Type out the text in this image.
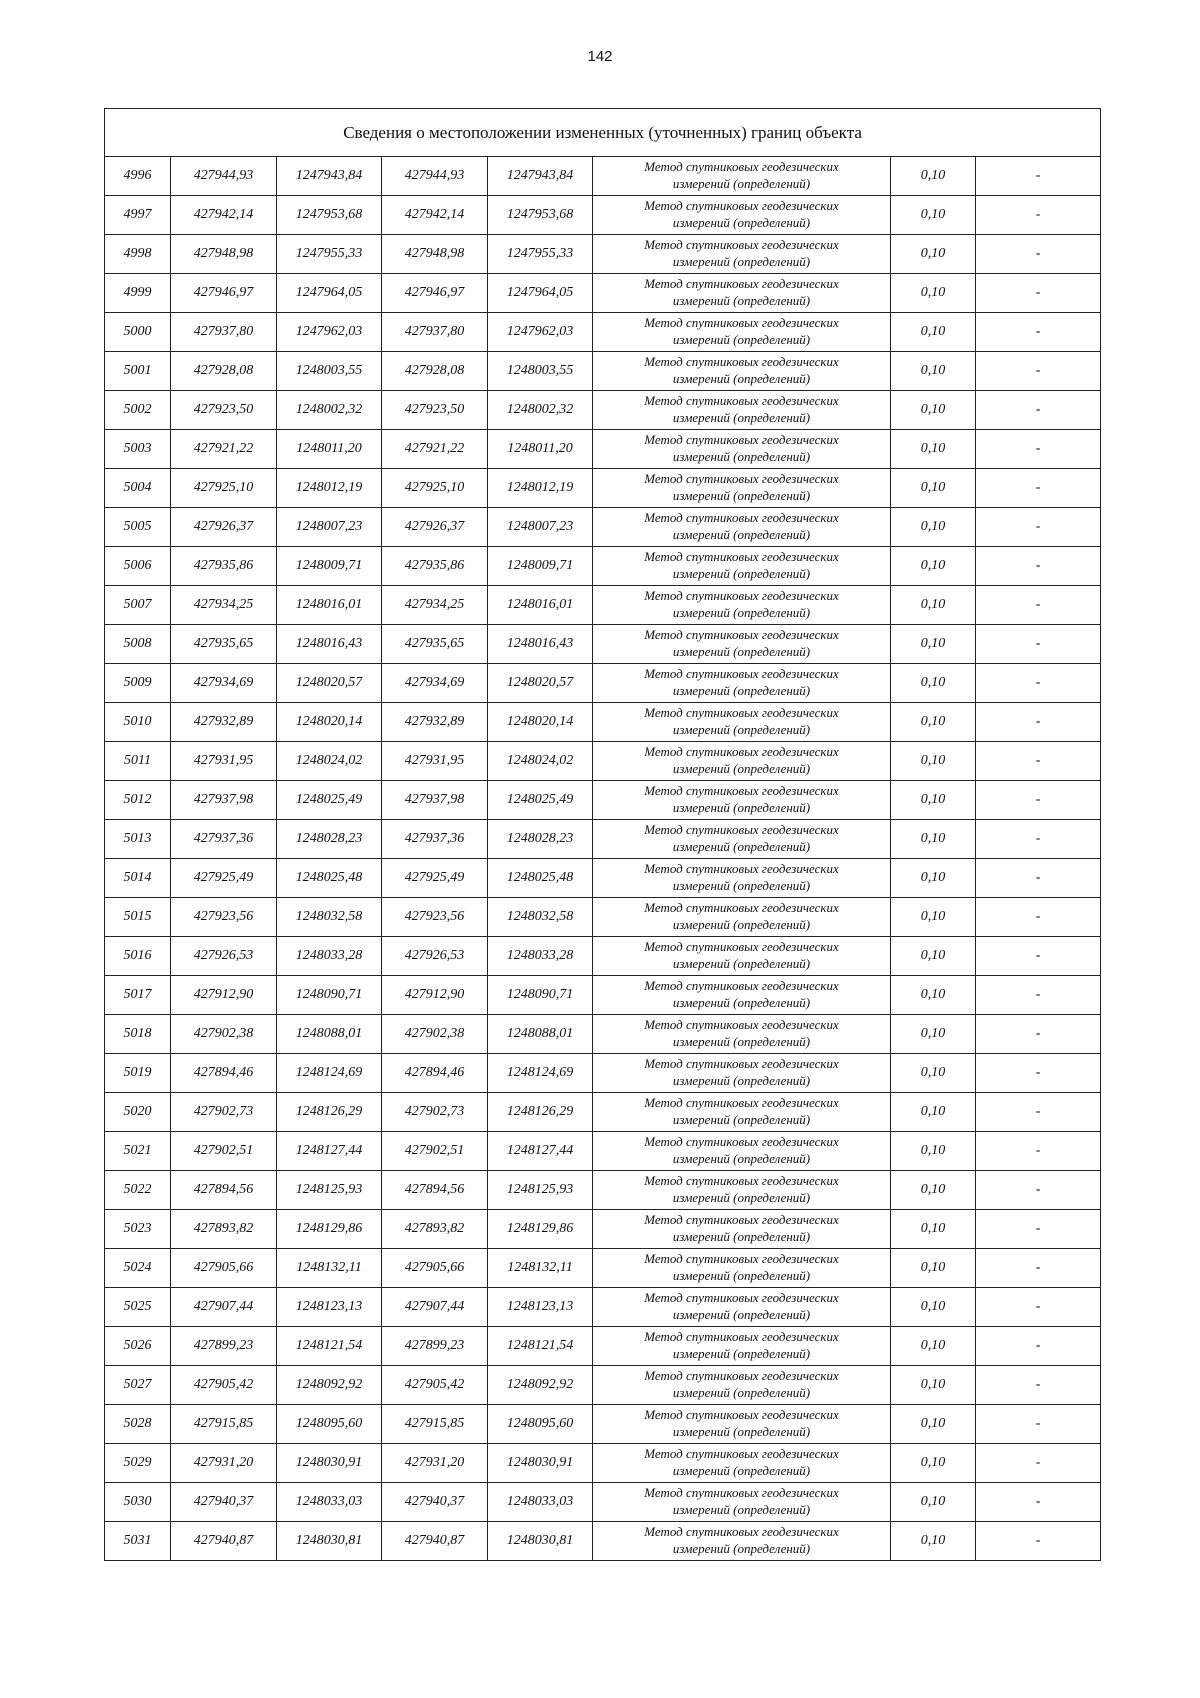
142
Сведения о местоположении измененных (уточненных) границ объекта							
4996	427944,93	1247943,84	427944,93	1247943,84	Метод спутниковых геодезических
измерений (определений)	0,10	-
4997	427942,14	1247953,68	427942,14	1247953,68	Метод спутниковых геодезических
измерений (определений)	0,10	-
4998	427948,98	1247955,33	427948,98	1247955,33	Метод спутниковых геодезических
измерений (определений)	0,10	-
4999	427946,97	1247964,05	427946,97	1247964,05	Метод спутниковых геодезических
измерений (определений)	0,10	-
5000	427937,80	1247962,03	427937,80	1247962,03	Метод спутниковых геодезических
измерений (определений)	0,10	-
5001	427928,08	1248003,55	427928,08	1248003,55	Метод спутниковых геодезических
измерений (определений)	0,10	-
5002	427923,50	1248002,32	427923,50	1248002,32	Метод спутниковых геодезических
измерений (определений)	0,10	-
5003	427921,22	1248011,20	427921,22	1248011,20	Метод спутниковых геодезических
измерений (определений)	0,10	-
5004	427925,10	1248012,19	427925,10	1248012,19	Метод спутниковых геодезических
измерений (определений)	0,10	-
5005	427926,37	1248007,23	427926,37	1248007,23	Метод спутниковых геодезических
измерений (определений)	0,10	-
5006	427935,86	1248009,71	427935,86	1248009,71	Метод спутниковых геодезических
измерений (определений)	0,10	-
5007	427934,25	1248016,01	427934,25	1248016,01	Метод спутниковых геодезических
измерений (определений)	0,10	-
5008	427935,65	1248016,43	427935,65	1248016,43	Метод спутниковых геодезических
измерений (определений)	0,10	-
5009	427934,69	1248020,57	427934,69	1248020,57	Метод спутниковых геодезических
измерений (определений)	0,10	-
5010	427932,89	1248020,14	427932,89	1248020,14	Метод спутниковых геодезических
измерений (определений)	0,10	-
5011	427931,95	1248024,02	427931,95	1248024,02	Метод спутниковых геодезических
измерений (определений)	0,10	-
5012	427937,98	1248025,49	427937,98	1248025,49	Метод спутниковых геодезических
измерений (определений)	0,10	-
5013	427937,36	1248028,23	427937,36	1248028,23	Метод спутниковых геодезических
измерений (определений)	0,10	-
5014	427925,49	1248025,48	427925,49	1248025,48	Метод спутниковых геодезических
измерений (определений)	0,10	-
5015	427923,56	1248032,58	427923,56	1248032,58	Метод спутниковых геодезических
измерений (определений)	0,10	-
5016	427926,53	1248033,28	427926,53	1248033,28	Метод спутниковых геодезических
измерений (определений)	0,10	-
5017	427912,90	1248090,71	427912,90	1248090,71	Метод спутниковых геодезических
измерений (определений)	0,10	-
5018	427902,38	1248088,01	427902,38	1248088,01	Метод спутниковых геодезических
измерений (определений)	0,10	-
5019	427894,46	1248124,69	427894,46	1248124,69	Метод спутниковых геодезических
измерений (определений)	0,10	-
5020	427902,73	1248126,29	427902,73	1248126,29	Метод спутниковых геодезических
измерений (определений)	0,10	-
5021	427902,51	1248127,44	427902,51	1248127,44	Метод спутниковых геодезических
измерений (определений)	0,10	-
5022	427894,56	1248125,93	427894,56	1248125,93	Метод спутниковых геодезических
измерений (определений)	0,10	-
5023	427893,82	1248129,86	427893,82	1248129,86	Метод спутниковых геодезических
измерений (определений)	0,10	-
5024	427905,66	1248132,11	427905,66	1248132,11	Метод спутниковых геодезических
измерений (определений)	0,10	-
5025	427907,44	1248123,13	427907,44	1248123,13	Метод спутниковых геодезических
измерений (определений)	0,10	-
5026	427899,23	1248121,54	427899,23	1248121,54	Метод спутниковых геодезических
измерений (определений)	0,10	-
5027	427905,42	1248092,92	427905,42	1248092,92	Метод спутниковых геодезических
измерений (определений)	0,10	-
5028	427915,85	1248095,60	427915,85	1248095,60	Метод спутниковых геодезических
измерений (определений)	0,10	-
5029	427931,20	1248030,91	427931,20	1248030,91	Метод спутниковых геодезических
измерений (определений)	0,10	-
5030	427940,37	1248033,03	427940,37	1248033,03	Метод спутниковых геодезических
измерений (определений)	0,10	-
5031	427940,87	1248030,81	427940,87	1248030,81	Метод спутниковых геодезических
измерений (определений)	0,10	-
